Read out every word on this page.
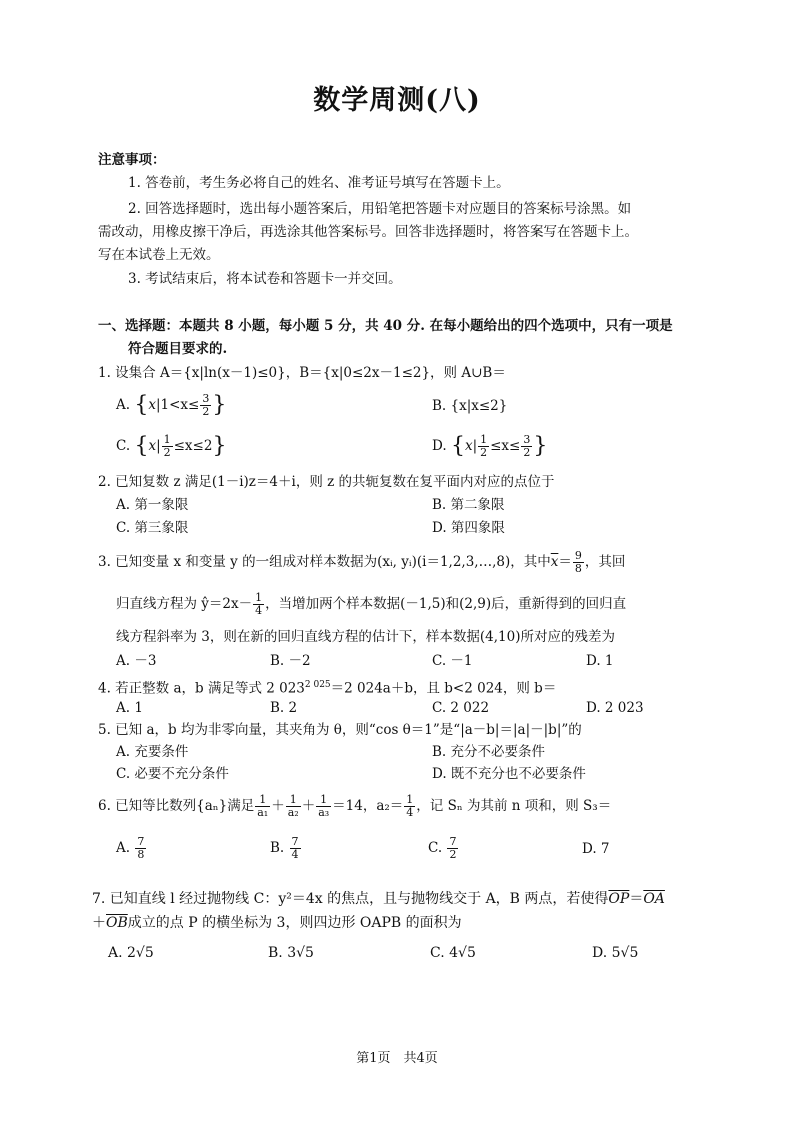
数学周测(八)
注意事项：
1. 答卷前，考生务必将自己的姓名、准考证号填写在答题卡上。
2. 回答选择题时，选出每小题答案后，用铅笔把答题卡对应题目的答案标号涂黑。如
需改动，用橡皮擦干净后，再选涂其他答案标号。回答非选择题时，将答案写在答题卡上。
写在本试卷上无效。
3. 考试结束后，将本试卷和答题卡一并交回。
一、选择题：本题共 8 小题，每小题 5 分，共 40 分. 在每小题给出的四个选项中，只有一项是
符合题目要求的.
1. 设集合 A＝{x|ln(x－1)≤0}，B＝{x|0≤2x－1≤2}，则 A∪B＝
A. {$x|1<x\le \frac{3}{2}$ }	B. {x|x≤2}
C. $\{x| \frac{1}{2} \le x\le 2\}$	D. {$x| \frac{1}{2} \le x\le \frac{3}{2}$ }
2. 已知复数 z 满足(1－i)z＝4＋i，则 z 的共轭复数在复平面内对应的点位于
A. 第一象限	B. 第二象限
C. 第三象限	D. 第四象限
3. 已知变量 x 和变量 y 的一组成对样本数据为(xᵢ, yᵢ)(i＝1,2,3,…,8)，其中$\overline{x}= \frac{9}{8}$ ，其回
归直线方程为 ŷ＝2x－ $\frac{1}{4}$ ，当增加两个样本数据(－1,5)和(2,9)后，重新得到的回归直
线方程斜率为 3，则在新的回归直线方程的估计下，样本数据(4,10)所对应的残差为
A. －3	B. －2	C. －1	D. 1
4. 若正整数 a，b 满足等式 2 $023^{2 025}=2$ 024a＋b，且 b<2 024，则 b＝
A. 1	B. 2	C. 2 022	D. 2 023
5. 已知 a，b 均为非零向量，其夹角为 θ，则“cos θ＝1”是“|a－b|＝|a|－|b|”的
A. 充要条件	B. 充分不必要条件
C. 必要不充分条件	D. 既不充分也不必要条件
6. 已知等比数列{aₙ}满足 $\frac{1}{\text{a₁}} + \frac{1}{\text{a₂}} + \frac{1}{\text{a₃}} =14$，$a_2= \frac{1}{4}$ ，记 Sₙ 为其前 n 项和，则 S₃＝
A. $\frac{7}{8}$	B. $\frac{7}{4}$	C. $\frac{7}{2}$	D. 7
7. 已知直线 l 经过抛物线 C：y²＝4x 的焦点，且与抛物线交于 A，B 两点，若使得$\overline{OP}=\overline{OA}$
$+\overline{OB}$成立的点 P 的横坐标为 3，则四边形 OAPB 的面积为
A. 2√5	B. 3√5	C. 4√5	D. 5√5
第1页　共4页
